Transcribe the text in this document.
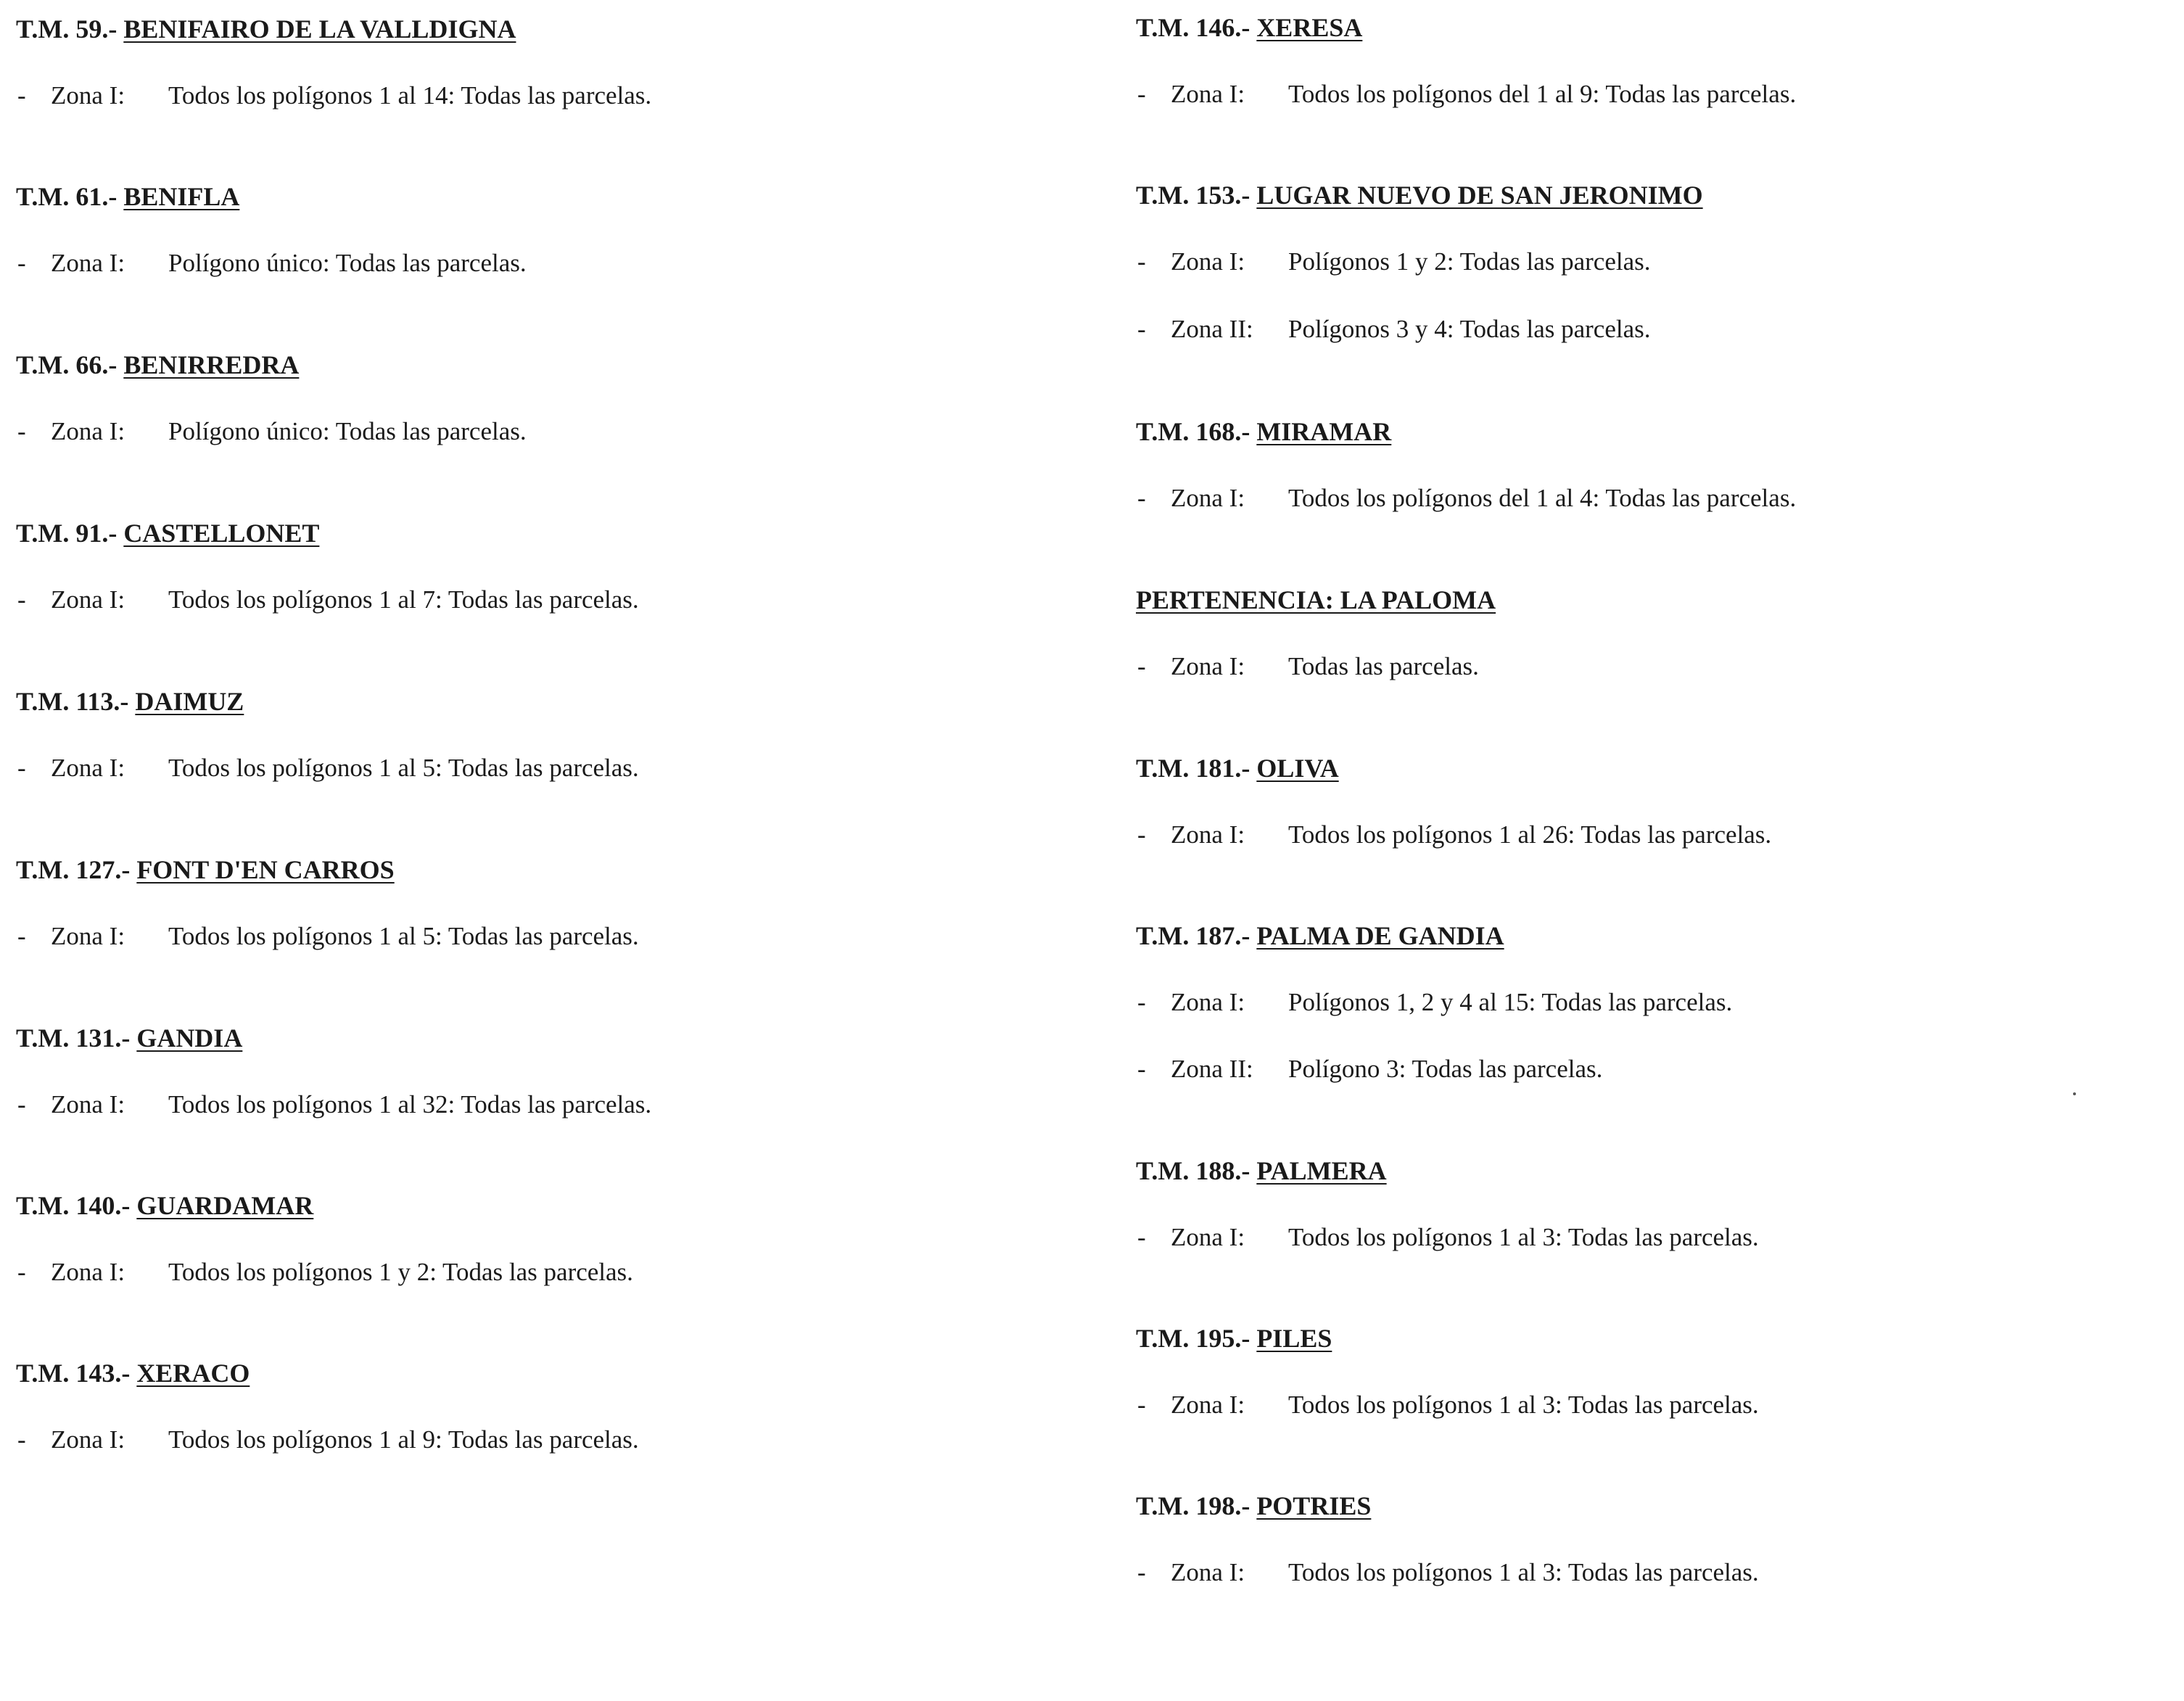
T.M. 59.- BENIFAIRO DE LA VALLDIGNA
- Zona I: Todos los polígonos 1 al 14: Todas las parcelas.
T.M. 61.- BENIFLA
- Zona I: Polígono único: Todas las parcelas.
T.M. 66.- BENIRREDRA
- Zona I: Polígono único: Todas las parcelas.
T.M. 91.- CASTELLONET
- Zona I: Todos los polígonos 1 al 7: Todas las parcelas.
T.M. 113.- DAIMUZ
- Zona I: Todos los polígonos 1 al 5: Todas las parcelas.
T.M. 127.- FONT D'EN CARROS
- Zona I: Todos los polígonos 1 al 5: Todas las parcelas.
T.M. 131.- GANDIA
- Zona I: Todos los polígonos 1 al 32: Todas las parcelas.
T.M. 140.- GUARDAMAR
- Zona I: Todos los polígonos 1 y 2: Todas las parcelas.
T.M. 143.- XERACO
- Zona I: Todos los polígonos 1 al 9: Todas las parcelas.
T.M. 146.- XERESA
- Zona I: Todos los polígonos del 1 al 9: Todas las parcelas.
T.M. 153.- LUGAR NUEVO DE SAN JERONIMO
- Zona I: Polígonos 1 y 2: Todas las parcelas.
- Zona II: Polígonos 3 y 4: Todas las parcelas.
T.M. 168.- MIRAMAR
- Zona I: Todos los polígonos del 1 al 4: Todas las parcelas.
PERTENENCIA: LA PALOMA
- Zona I: Todas las parcelas.
T.M. 181.- OLIVA
- Zona I: Todos los polígonos 1 al 26: Todas las parcelas.
T.M. 187.- PALMA DE GANDIA
- Zona I: Polígonos 1, 2 y 4 al 15: Todas las parcelas.
- Zona II: Polígono 3: Todas las parcelas.
T.M. 188.- PALMERA
- Zona I: Todos los polígonos 1 al 3: Todas las parcelas.
T.M. 195.- PILES
- Zona I: Todos los polígonos 1 al 3: Todas las parcelas.
T.M. 198.- POTRIES
- Zona I: Todos los polígonos 1 al 3: Todas las parcelas.
